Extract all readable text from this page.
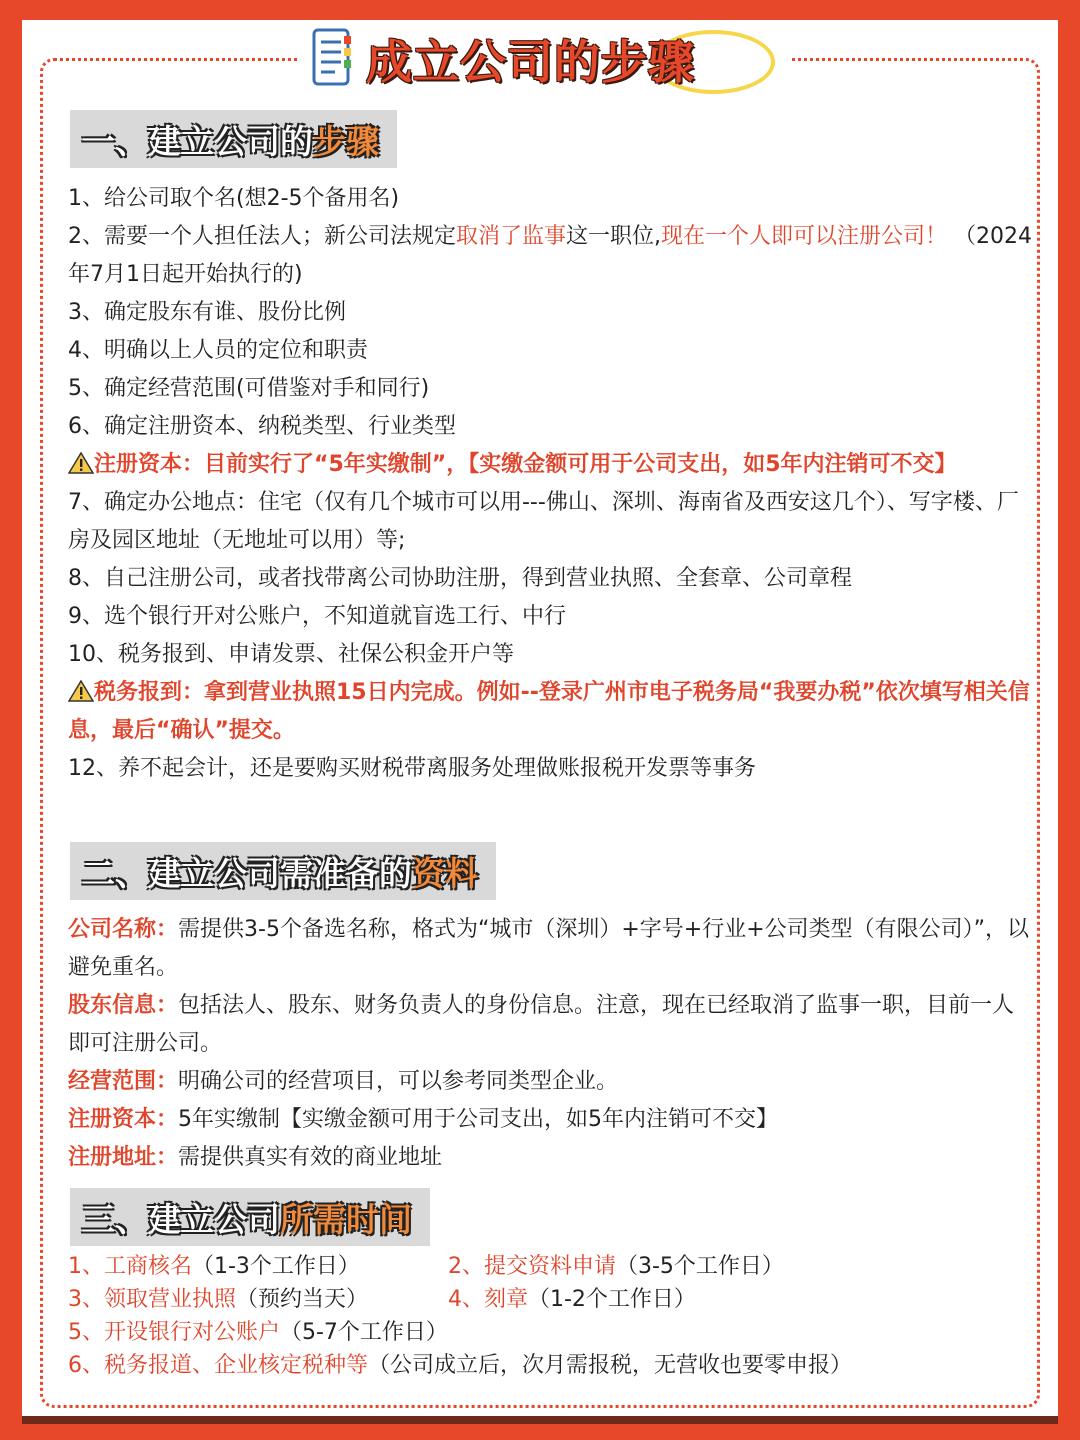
成立公司的步骤
一、 建立公司的 步骤

1、给公司取个名(想2-5个备用名)

2、需要一个人担任法人；新公司法规定取消了监事这一职位,现在一个人即可以注册公司！ （2024年7月1日起开始执行的)

3、确定股东有谁、股份比例

4、明确以上人员的定位和职责

5、确定经营范围(可借鉴对手和同行)

6、确定注册资本、纳税类型、行业类型

注册资本：目前实行了“5年实缴制”，【实缴金额可用于公司支出，如5年内注销可不交】

7、确定办公地点：住宅（仅有几个城市可以用---佛山、深圳、海南省及西安这几个）、写字楼、厂房及园区地址（无地址可以用）等;

8、自己注册公司，或者找带离公司协助注册，得到营业执照、全套章、公司章程

9、选个银行开对公账户，不知道就盲选工行、中行

10、税务报到、申请发票、社保公积金开户等

税务报到：拿到营业执照15日内完成。例如--登录广州市电子税务局“我要办税”依次填写相关信息，最后“确认”提交。

12、养不起会计，还是要购买财税带离服务处理做账报税开发票等事务

二、 建立公司需准备的 资料

公司名称：需提供3-5个备选名称，格式为“城市（深圳）+字号+行业+公司类型（有限公司）”，以避免重名。

股东信息：包括法人、股东、财务负责人的身份信息。注意，现在已经取消了监事一职，目前一人即可注册公司。

经营范围：明确公司的经营项目，可以参考同类型企业。

注册资本：5年实缴制【实缴金额可用于公司支出，如5年内注销可不交】

注册地址：需提供真实有效的商业地址

三、 建立公司 所需时间
1、工商核名（1-3个工作日）	2、提交资料申请（3-5个工作日）
3、领取营业执照（预约当天）	4、刻章（1-2个工作日）
5、开设银行对公账户（5-7个工作日）
6、税务报道、企业核定税种等（公司成立后，次月需报税，无营收也要零申报）
